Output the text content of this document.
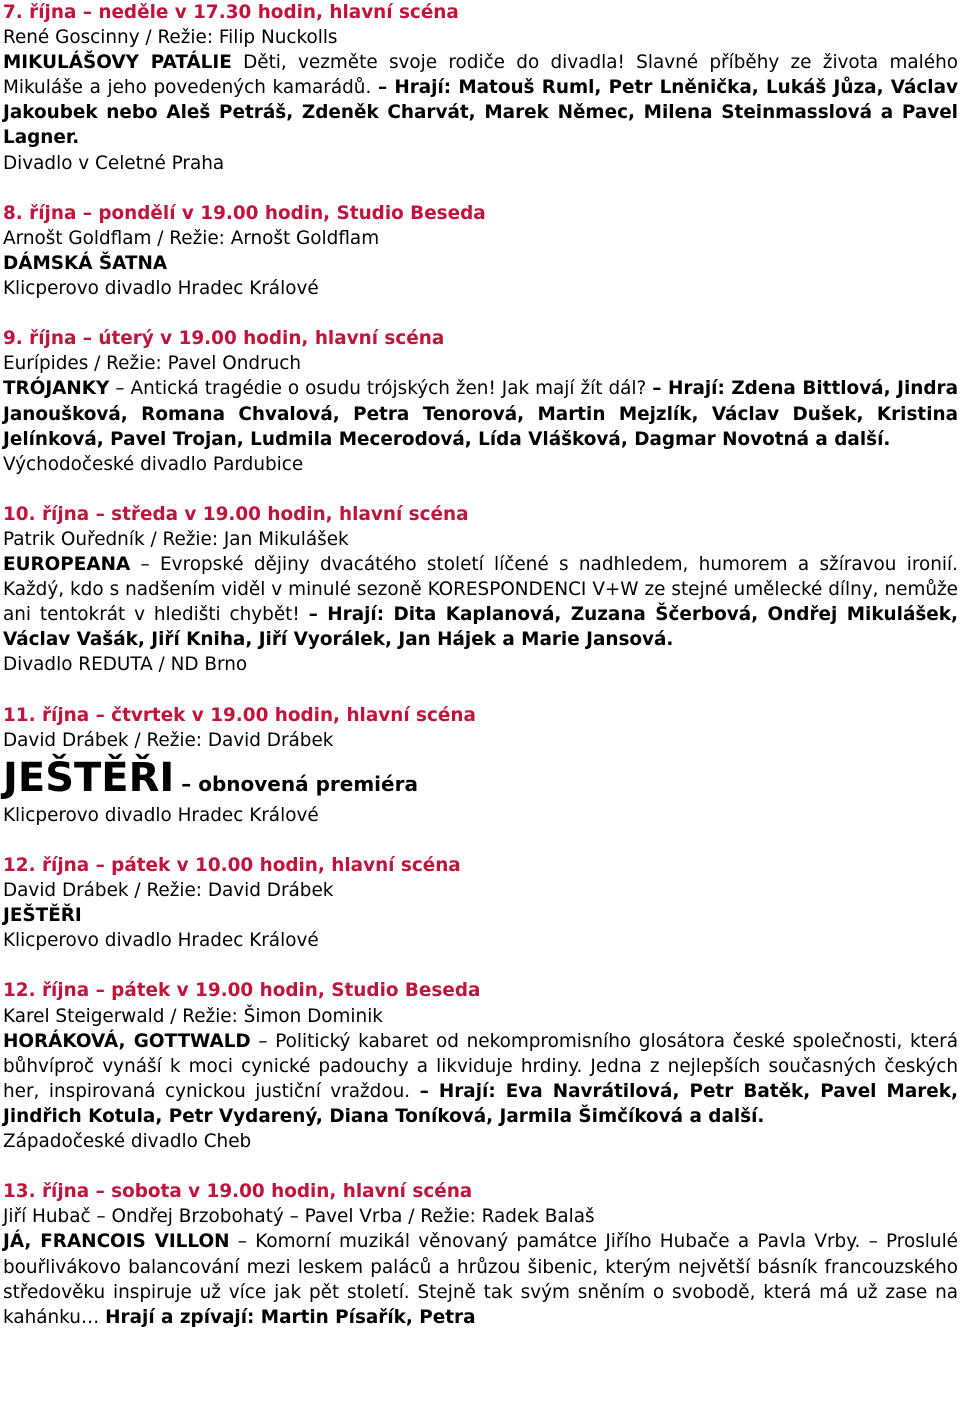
7. října – neděle v 17.30 hodin, hlavní scéna

René Goscinny / Režie: Filip Nuckolls

MIKULÁŠOVY PATÁLIE Děti, vezměte svoje rodiče do divadla! Slavné příběhy ze života malého Mikuláše a jeho povedených kamarádů. – Hrají: Matouš Ruml, Petr Lněnička, Lukáš Jůza, Václav Jakoubek nebo Aleš Petráš, Zdeněk Charvát, Marek Němec, Milena Steinmasslová a Pavel Lagner.

Divadlo v Celetné Praha

8. října – pondělí v 19.00 hodin, Studio Beseda

Arnošt Goldflam / Režie: Arnošt Goldflam

DÁMSKÁ ŠATNA

Klicperovo divadlo Hradec Králové

9. října – úterý v 19.00 hodin, hlavní scéna

Eurípides / Režie: Pavel Ondruch

TRÓJANKY – Antická tragédie o osudu trójských žen! Jak mají žít dál? – Hrají: Zdena Bittlová, Jindra Janoušková, Romana Chvalová, Petra Tenorová, Martin Mejzlík, Václav Dušek, Kristina Jelínková, Pavel Trojan, Ludmila Mecerodová, Lída Vlášková, Dagmar Novotná a další.

Východočeské divadlo Pardubice

10. října – středa v 19.00 hodin, hlavní scéna

Patrik Ouředník / Režie: Jan Mikulášek

EUROPEANA – Evropské dějiny dvacátého století líčené s nadhledem, humorem a sžíravou ironií. Každý, kdo s nadšením viděl v minulé sezoně KORESPONDENCI V+W ze stejné umělecké dílny, nemůže ani tentokrát v hledišti chybět! – Hrají: Dita Kaplanová, Zuzana Ščerbová, Ondřej Mikulášek, Václav Vašák, Jiří Kniha, Jiří Vyorálek, Jan Hájek a Marie Jansová.

Divadlo REDUTA / ND Brno

11. října – čtvrtek v 19.00 hodin, hlavní scéna

David Drábek / Režie: David Drábek

JEŠTĚŘI – obnovená premiéra

Klicperovo divadlo Hradec Králové

12. října – pátek v 10.00 hodin, hlavní scéna

David Drábek / Režie: David Drábek

JEŠTĚŘI

Klicperovo divadlo Hradec Králové

12. října – pátek v 19.00 hodin, Studio Beseda

Karel Steigerwald / Režie: Šimon Dominik

HORÁKOVÁ, GOTTWALD – Politický kabaret od nekompromisního glosátora české společnosti, která bůhvíproč vynáší k moci cynické padouchy a likviduje hrdiny. Jedna z nejlepších současných českých her, inspirovaná cynickou justiční vraždou. – Hrají: Eva Navrátilová, Petr Batěk, Pavel Marek, Jindřich Kotula, Petr Vydarený, Diana Toníková, Jarmila Šimčíková a další.

Západočeské divadlo Cheb

13. října – sobota v 19.00 hodin, hlavní scéna

Jiří Hubač – Ondřej Brzobohatý – Pavel Vrba / Režie: Radek Balaš

JÁ, FRANCOIS VILLON – Komorní muzikál věnovaný památce Jiřího Hubače a Pavla Vrby. – Proslulé bouřlivákovo balancování mezi leskem paláců a hrůzou šibenic, kterým největší básník francouzského středověku inspiruje už více jak pět století. Stejně tak svým sněním o svobodě, která má už zase na kahánku… Hrají a zpívají: Martin Písařík, Petra
